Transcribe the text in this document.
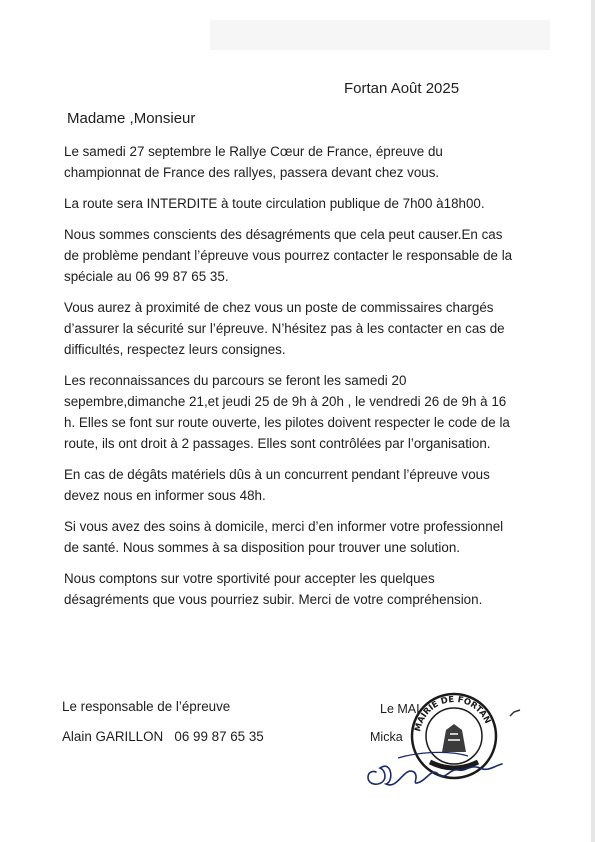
Fortan Août 2025
Madame ,Monsieur

Le samedi 27 septembre le Rallye Cœur de France, épreuve du championnat de France des rallyes, passera devant chez vous.

La route sera INTERDITE à toute circulation publique de 7h00 à18h00.

Nous sommes conscients des désagréments que cela peut causer.En cas de problème pendant l’épreuve vous pourrez contacter le responsable de la spéciale au 06 99 87 65 35.

Vous aurez à proximité de chez vous un poste de commissaires chargés d’assurer la sécurité sur l’épreuve. N’hésitez pas à les contacter en cas de difficultés, respectez leurs consignes.

Les reconnaissances du parcours se feront les samedi 20 sepembre,dimanche 21,et jeudi 25 de 9h à 20h , le vendredi 26 de 9h à 16 h. Elles se font sur route ouverte, les pilotes doivent respecter le code de la route, ils ont droit à 2 passages. Elles sont contrôlées par l’organisation.

En cas de dégâts matériels dûs à un concurrent pendant l’épreuve vous devez nous en informer sous 48h.

Si vous avez des soins à domicile, merci d’en informer votre professionnel de santé. Nous sommes à sa disposition pour trouver une solution.

Nous comptons sur votre sportivité pour accepter les quelques désagréments que vous pourriez subir. Merci de votre compréhension.

Le responsable de l’épreuve
Alain GARILLON 06 99 87 65 35
Le MAI
Micka
MAIRIE DE FORTAN
